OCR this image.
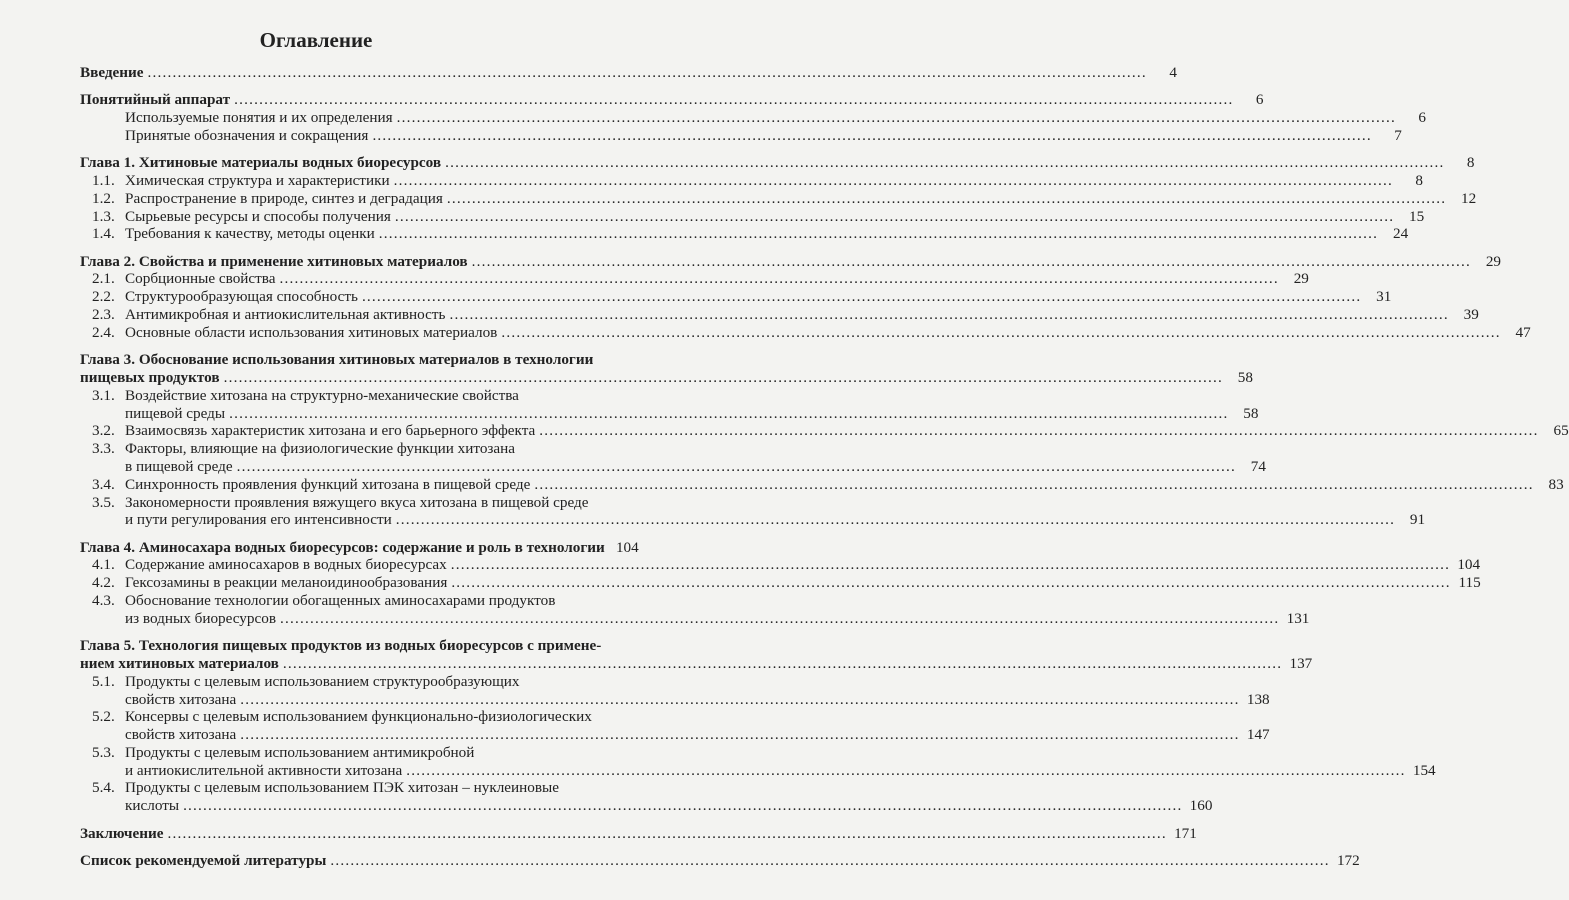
Оглавление
Введение ........................................................................................................................................................................................................	4
Понятийный аппарат ........................................................................................................................................................................................................	6
Используемые понятия и их определения ........................................................................................................................................................................................................	6
Принятые обозначения и сокращения ........................................................................................................................................................................................................	7
Глава 1. Хитиновые материалы водных биоресурсов ........................................................................................................................................................................................................	8
1.1. Химическая структура и характеристики ........................................................................................................................................................................................................	8
1.2. Распространение в природе, синтез и деградация ........................................................................................................................................................................................................ 12
1.3. Сырьевые ресурсы и способы получения ........................................................................................................................................................................................................ 15
1.4. Требования к качеству, методы оценки ........................................................................................................................................................................................................ 24
Глава 2. Свойства и применение хитиновых материалов ........................................................................................................................................................................................................ 29
2.1. Сорбционные свойства ........................................................................................................................................................................................................ 29
2.2. Структурообразующая способность ........................................................................................................................................................................................................ 31
2.3. Антимикробная и антиокислительная активность ........................................................................................................................................................................................................ 39
2.4. Основные области использования хитиновых материалов ........................................................................................................................................................................................................ 47
Глава 3. Обоснование использования хитиновых материалов в технологии
пищевых продуктов ........................................................................................................................................................................................................ 58
3.1. Воздействие хитозана на структурно-механические свойства
пищевой среды ........................................................................................................................................................................................................ 58
3.2. Взаимосвязь характеристик хитозана и его барьерного эффекта ........................................................................................................................................................................................................ 65
3.3. Факторы, влияющие на физиологические функции хитозана
в пищевой среде ........................................................................................................................................................................................................ 74
3.4. Синхронность проявления функций хитозана в пищевой среде ........................................................................................................................................................................................................ 83
3.5. Закономерности проявления вяжущего вкуса хитозана в пищевой среде
и пути регулирования его интенсивности ........................................................................................................................................................................................................ 91
Глава 4. Аминосахара водных биоресурсов: содержание и роль в технологии 104
4.1. Содержание аминосахаров в водных биоресурсах ........................................................................................................................................................................................................ 104
4.2. Гексозамины в реакции меланоидинообразования ........................................................................................................................................................................................................ 115
4.3. Обоснование технологии обогащенных аминосахарами продуктов
из водных биоресурсов ........................................................................................................................................................................................................ 131
Глава 5. Технология пищевых продуктов из водных биоресурсов с примене-
нием хитиновых материалов ........................................................................................................................................................................................................ 137
5.1. Продукты с целевым использованием структурообразующих
свойств хитозана ........................................................................................................................................................................................................ 138
5.2. Консервы с целевым использованием функционально-физиологических
свойств хитозана ........................................................................................................................................................................................................ 147
5.3. Продукты с целевым использованием антимикробной
и антиокислительной активности хитозана ........................................................................................................................................................................................................ 154
5.4. Продукты с целевым использованием ПЭК хитозан – нуклеиновые
кислоты ........................................................................................................................................................................................................ 160
Заключение ........................................................................................................................................................................................................ 171
Список рекомендуемой литературы ........................................................................................................................................................................................................ 172
